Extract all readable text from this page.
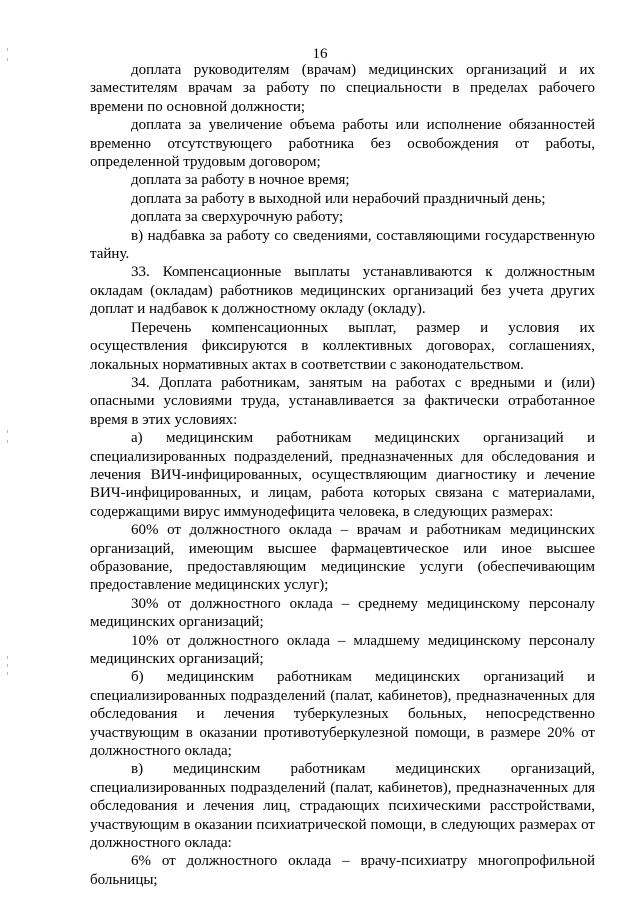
16

доплата руководителям (врачам) медицинских организаций и их заместителям врачам за работу по специальности в пределах рабочего времени по основной должности;

доплата за увеличение объема работы или исполнение обязанностей временно отсутствующего работника без освобождения от работы, определенной трудовым договором;

доплата за работу в ночное время;

доплата за работу в выходной или нерабочий праздничный день;

доплата за сверхурочную работу;

в) надбавка за работу со сведениями, составляющими государственную тайну.

33. Компенсационные выплаты устанавливаются к должностным окладам (окладам) работников медицинских организаций без учета других доплат и надбавок к должностному окладу (окладу).

Перечень компенсационных выплат, размер и условия их осуществления фиксируются в коллективных договорах, соглашениях, локальных нормативных актах в соответствии с законодательством.

34. Доплата работникам, занятым на работах с вредными и (или) опасными условиями труда, устанавливается за фактически отработанное время в этих условиях:

а) медицинским работникам медицинских организаций и специализированных подразделений, предназначенных для обследования и лечения ВИЧ-инфицированных, осуществляющим диагностику и лечение ВИЧ-инфицированных, и лицам, работа которых связана с материалами, содержащими вирус иммунодефицита человека, в следующих размерах:

60% от должностного оклада – врачам и работникам медицинских организаций, имеющим высшее фармацевтическое или иное высшее образование, предоставляющим медицинские услуги (обеспечивающим предоставление медицинских услуг);

30% от должностного оклада – среднему медицинскому персоналу медицинских организаций;

10% от должностного оклада – младшему медицинскому персоналу медицинских организаций;

б) медицинским работникам медицинских организаций и специализированных подразделений (палат, кабинетов), предназначенных для обследования и лечения туберкулезных больных, непосредственно участвующим в оказании противотуберкулезной помощи, в размере 20% от должностного оклада;

в) медицинским работникам медицинских организаций, специализированных подразделений (палат, кабинетов), предназначенных для обследования и лечения лиц, страдающих психическими расстройствами, участвующим в оказании психиатрической помощи, в следующих размерах от должностного оклада:

6% от должностного оклада – врачу-психиатру многопрофильной больницы;
